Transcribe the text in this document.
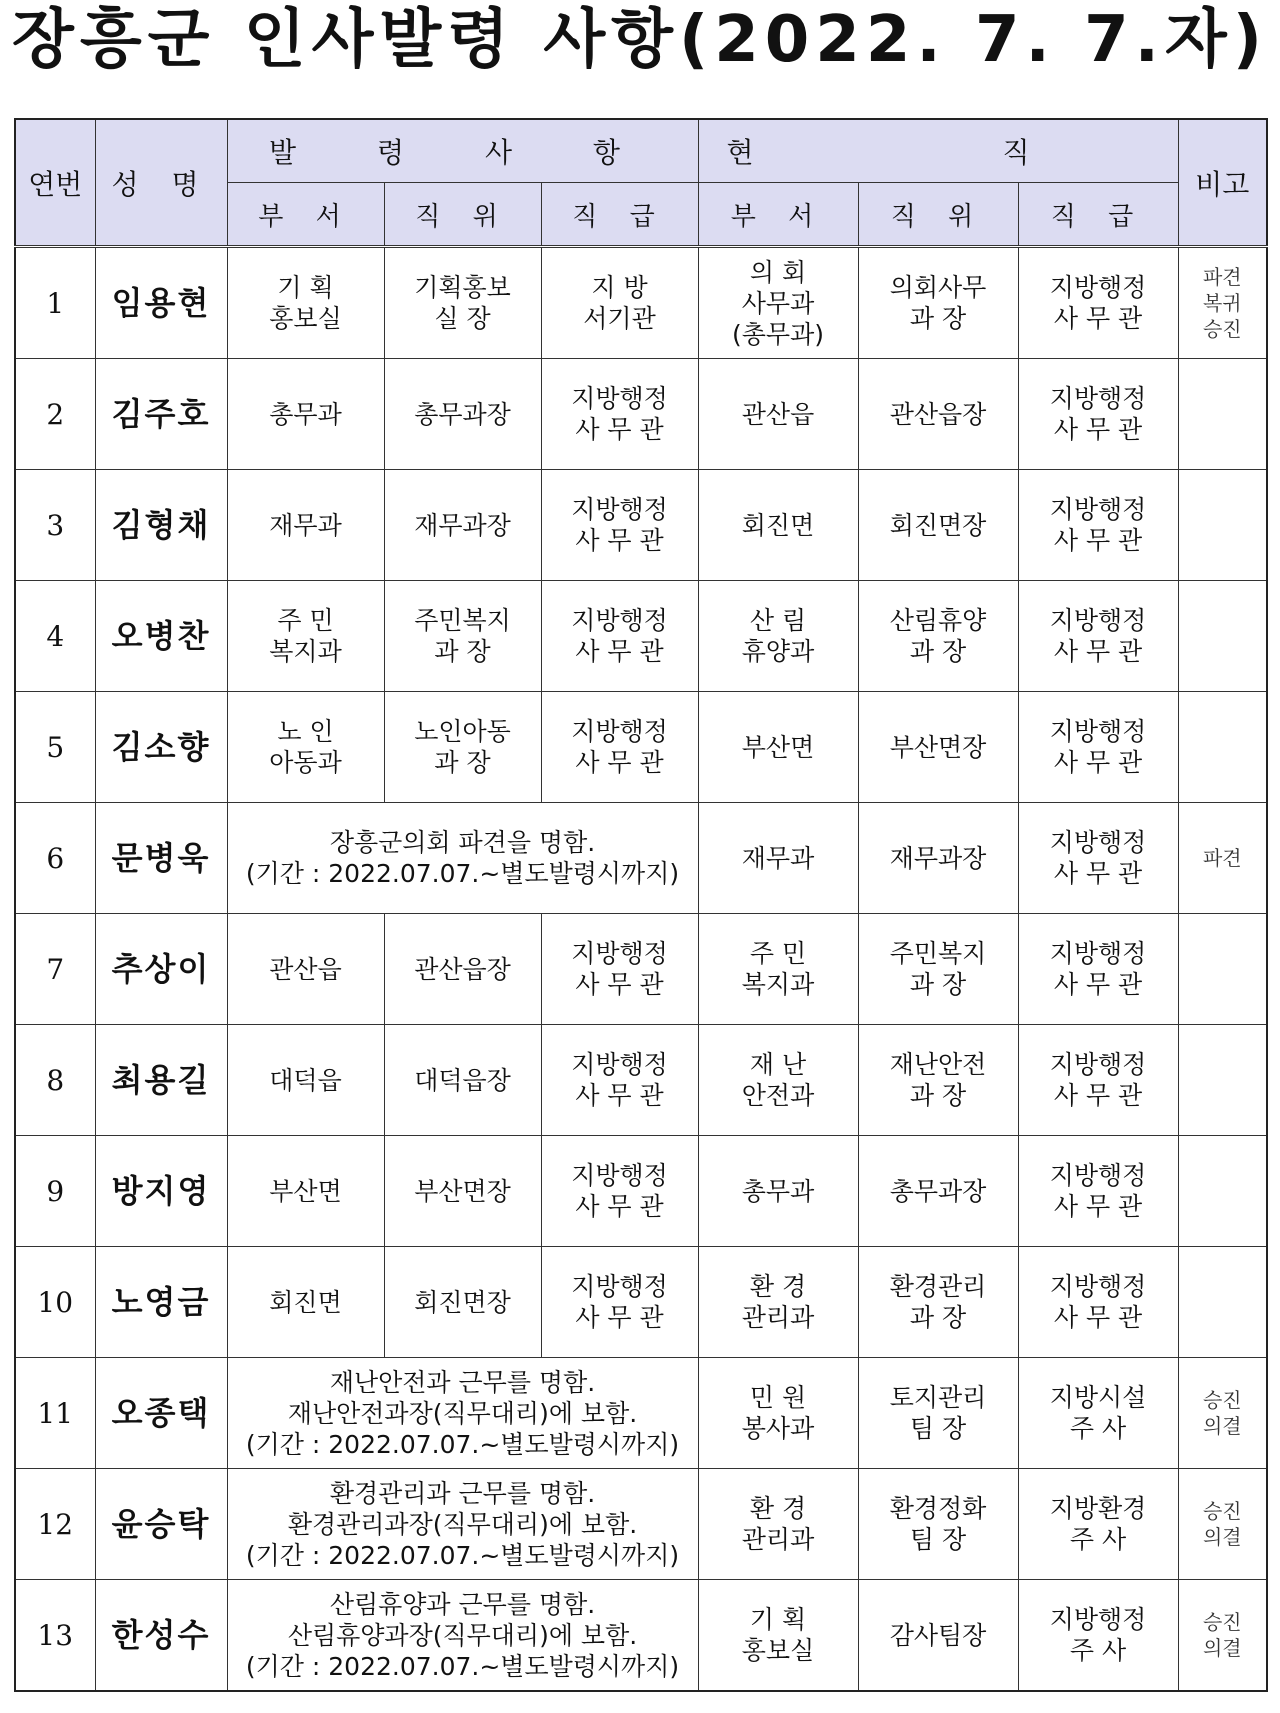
장흥군 인사발령 사항(2022. 7. 7.자)
연번	성 명	발 령 사 항			현 직			비고
		부 서	직 위	직 급	부 서	직 위	직 급	
1	임용현	기 획
홍보실	기획홍보
실 장	지 방
서기관	의 회
사무과
(총무과)	의회사무
과 장	지방행정
사 무 관	파견
복귀
승진

2	김주호	총무과	총무과장	지방행정
사 무 관	관산읍	관산읍장	지방행정
사 무 관	

3	김형채	재무과	재무과장	지방행정
사 무 관	회진면	회진면장	지방행정
사 무 관	

4	오병찬	주 민
복지과	주민복지
과 장	지방행정
사 무 관	산 림
휴양과	산림휴양
과 장	지방행정
사 무 관	

5	김소향	노 인
아동과	노인아동
과 장	지방행정
사 무 관	부산면	부산면장	지방행정
사 무 관	

6	문병욱	장흥군의회 파견을 명함.
(기간 : 2022.07.07.~별도발령시까지)			재무과	재무과장	지방행정
사 무 관	파견

7	추상이	관산읍	관산읍장	지방행정
사 무 관	주 민
복지과	주민복지
과 장	지방행정
사 무 관	

8	최용길	대덕읍	대덕읍장	지방행정
사 무 관	재 난
안전과	재난안전
과 장	지방행정
사 무 관	

9	방지영	부산면	부산면장	지방행정
사 무 관	총무과	총무과장	지방행정
사 무 관	

10	노영금	회진면	회진면장	지방행정
사 무 관	환 경
관리과	환경관리
과 장	지방행정
사 무 관	

11	오종택	재난안전과 근무를 명함.
재난안전과장(직무대리)에 보함.
(기간 : 2022.07.07.~별도발령시까지)			민 원
봉사과	토지관리
팀 장	지방시설
주 사	승진
의결

12	윤승탁	환경관리과 근무를 명함.
환경관리과장(직무대리)에 보함.
(기간 : 2022.07.07.~별도발령시까지)			환 경
관리과	환경정화
팀 장	지방환경
주 사	승진
의결

13	한성수	산림휴양과 근무를 명함.
산림휴양과장(직무대리)에 보함.
(기간 : 2022.07.07.~별도발령시까지)			기 획
홍보실	감사팀장	지방행정
주 사	승진
의결
